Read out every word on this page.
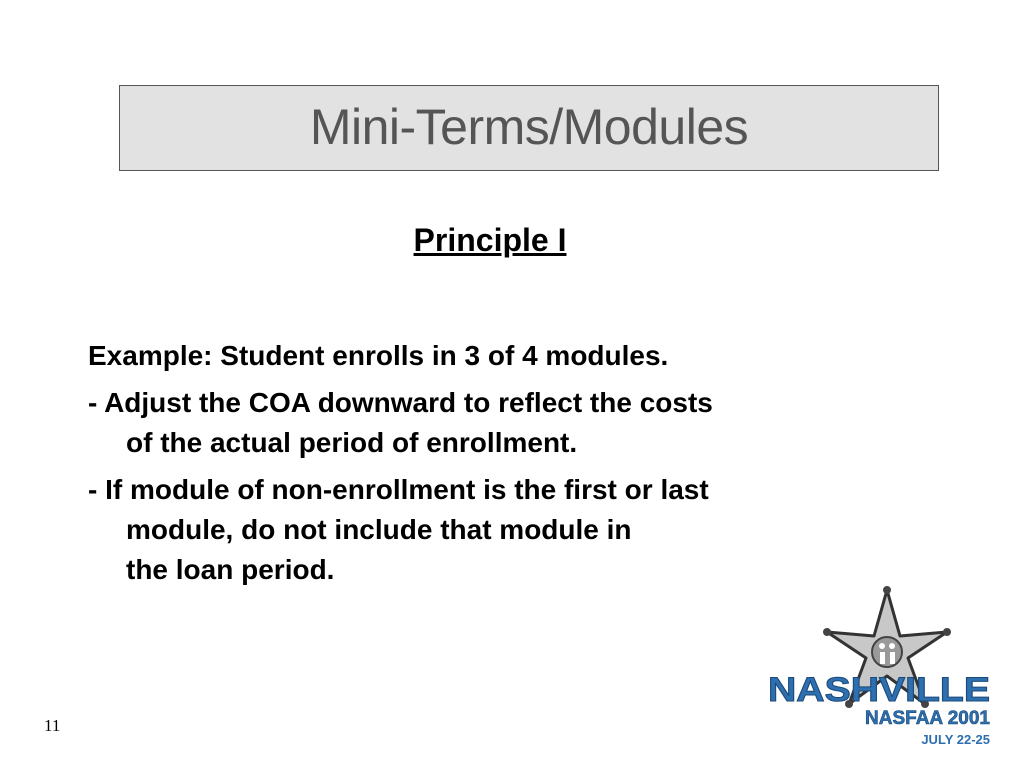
Mini-Terms/Modules
Principle I

Example: Student enrolls in 3 of 4 modules.

- Adjust the COA downward to reflect the costs
of the actual period of enrollment.

- If module of non-enrollment is the first or last
module, do not include that module in
the loan period.

11
NASHVILLE
NASFAA 2001
JULY 22-25
